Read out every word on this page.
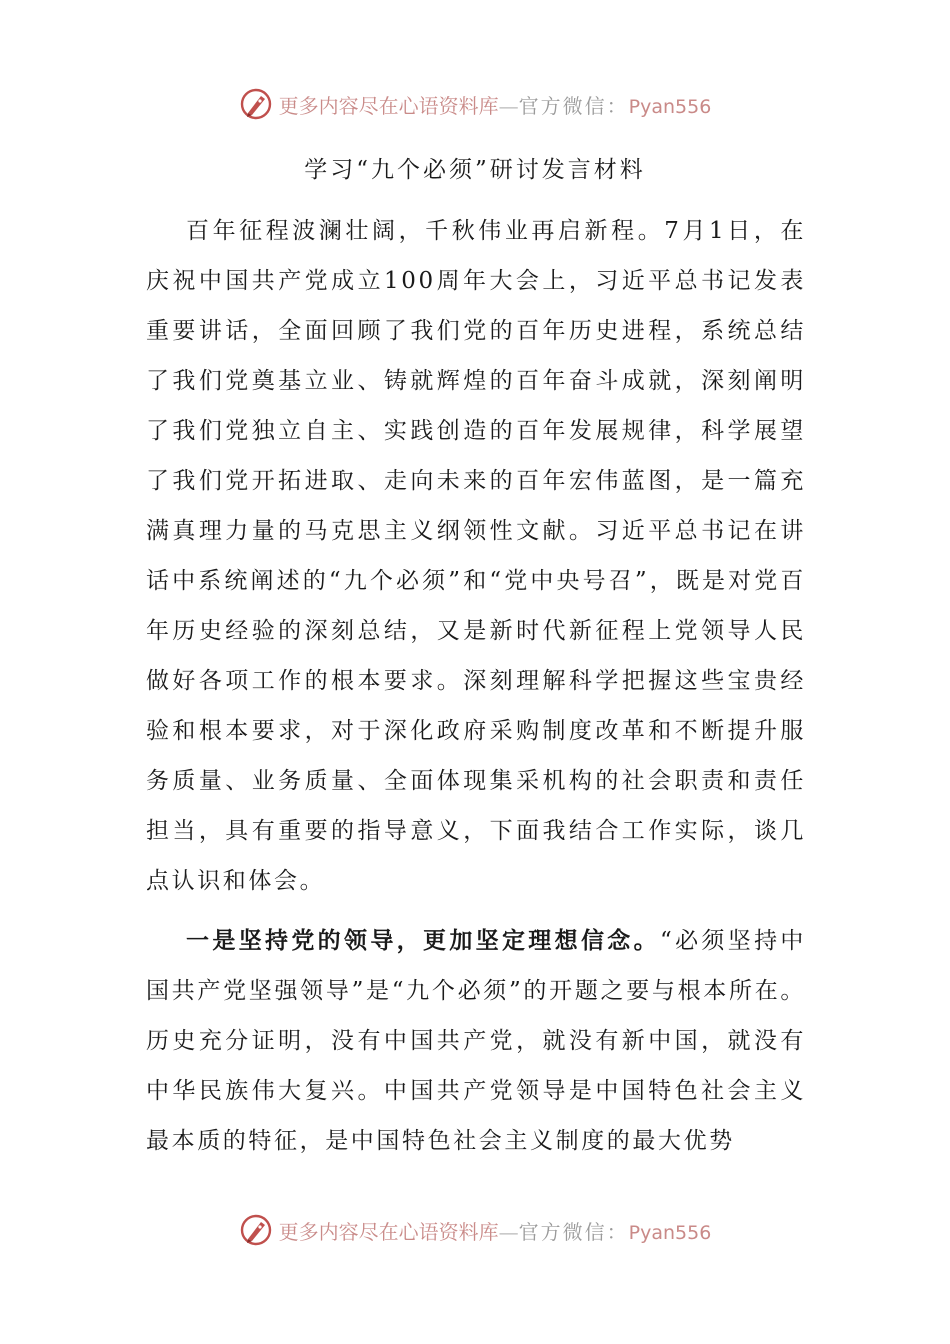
更多内容尽在心语资料库—官方微信：Pyan556
学习“九个必须”研讨发言材料

百年征程波澜壮阔，千秋伟业再启新程。7月1日，在庆祝中国共产党成立100周年大会上，习近平总书记发表重要讲话，全面回顾了我们党的百年历史进程，系统总结了我们党奠基立业、铸就辉煌的百年奋斗成就，深刻阐明了我们党独立自主、实践创造的百年发展规律，科学展望了我们党开拓进取、走向未来的百年宏伟蓝图，是一篇充满真理力量的马克思主义纲领性文献。习近平总书记在讲话中系统阐述的“九个必须”和“党中央号召”，既是对党百年历史经验的深刻总结，又是新时代新征程上党领导人民做好各项工作的根本要求。深刻理解科学把握这些宝贵经验和根本要求，对于深化政府采购制度改革和不断提升服务质量、业务质量、全面体现集采机构的社会职责和责任担当，具有重要的指导意义，下面我结合工作实际，谈几点认识和体会。

一是坚持党的领导，更加坚定理想信念。“必须坚持中国共产党坚强领导”是“九个必须”的开题之要与根本所在。历史充分证明，没有中国共产党，就没有新中国，就没有中华民族伟大复兴。中国共产党领导是中国特色社会主义最本质的特征，是中国特色社会主义制度的最大优势

更多内容尽在心语资料库—官方微信：Pyan556
